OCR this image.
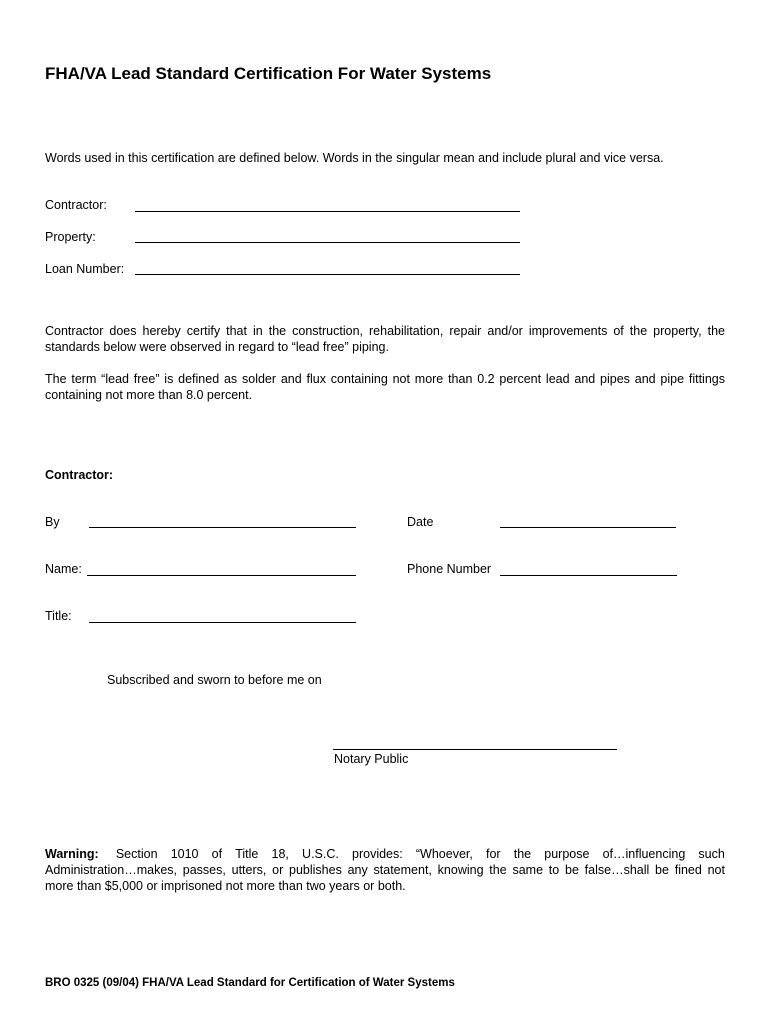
FHA/VA Lead Standard Certification For Water Systems
Words used in this certification are defined below. Words in the singular mean and include plural and vice versa.
Contractor:
Property:
Loan Number:
Contractor does hereby certify that in the construction, rehabilitation, repair and/or improvements of the property, the standards below were observed in regard to “lead free” piping.
The term “lead free” is defined as solder and flux containing not more than 0.2 percent lead and pipes and pipe fittings containing not more than 8.0 percent.
Contractor:
By	Date
Name:	Phone Number
Title:
Subscribed and sworn to before me on
Notary Public
Warning: Section 1010 of Title 18, U.S.C. provides: “Whoever, for the purpose of…influencing such
Administration…makes, passes, utters, or publishes any statement, knowing the same to be false…shall be fined not
more than $5,000 or imprisoned not more than two years or both.
BRO 0325 (09/04) FHA/VA Lead Standard for Certification of Water Systems
